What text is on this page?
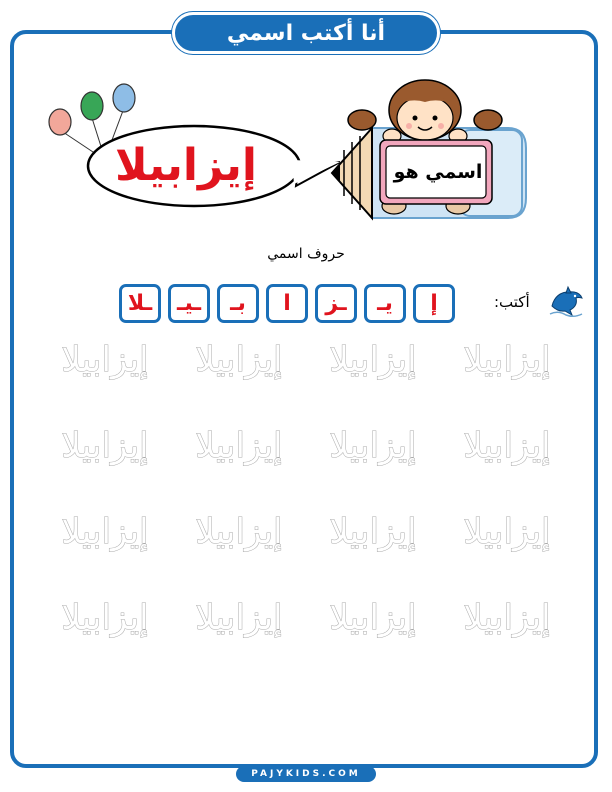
أنا أكتب اسمي
إيزابيلا	اسمي هو
حروف اسمي
أكتب:
إ
يـ
ـز
ا
بـ
ـيـ
ـلا
إيزابيلا
إيزابيلا
إيزابيلا
إيزابيلا
إيزابيلا
إيزابيلا
إيزابيلا
إيزابيلا
إيزابيلا
إيزابيلا
إيزابيلا
إيزابيلا
إيزابيلا
إيزابيلا
إيزابيلا
إيزابيلا
PAJYKIDS.COM
